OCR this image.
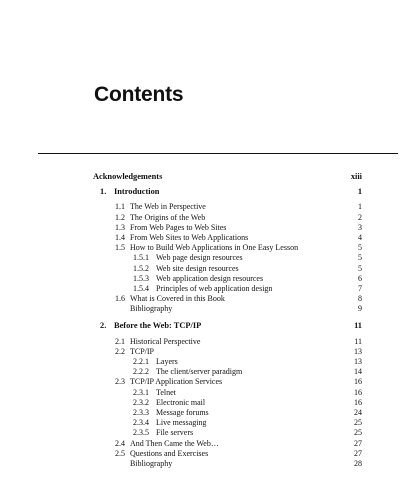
Contents
Acknowledgements	xiii
1. Introduction	1
1.1 The Web in Perspective	1
1.2 The Origins of the Web	2
1.3 From Web Pages to Web Sites	3
1.4 From Web Sites to Web Applications	4
1.5 How to Build Web Applications in One Easy Lesson	5
1.5.1 Web page design resources	5
1.5.2 Web site design resources	5
1.5.3 Web application design resources	6
1.5.4 Principles of web application design	7
1.6 What is Covered in this Book	8
Bibliography	9
2. Before the Web: TCP/IP	11
2.1 Historical Perspective	11
2.2 TCP/IP	13
2.2.1 Layers	13
2.2.2 The client/server paradigm	14
2.3 TCP/IP Application Services	16
2.3.1 Telnet	16
2.3.2 Electronic mail	16
2.3.3 Message forums	24
2.3.4 Live messaging	25
2.3.5 File servers	25
2.4 And Then Came the Web…	27
2.5 Questions and Exercises	27
Bibliography	28
